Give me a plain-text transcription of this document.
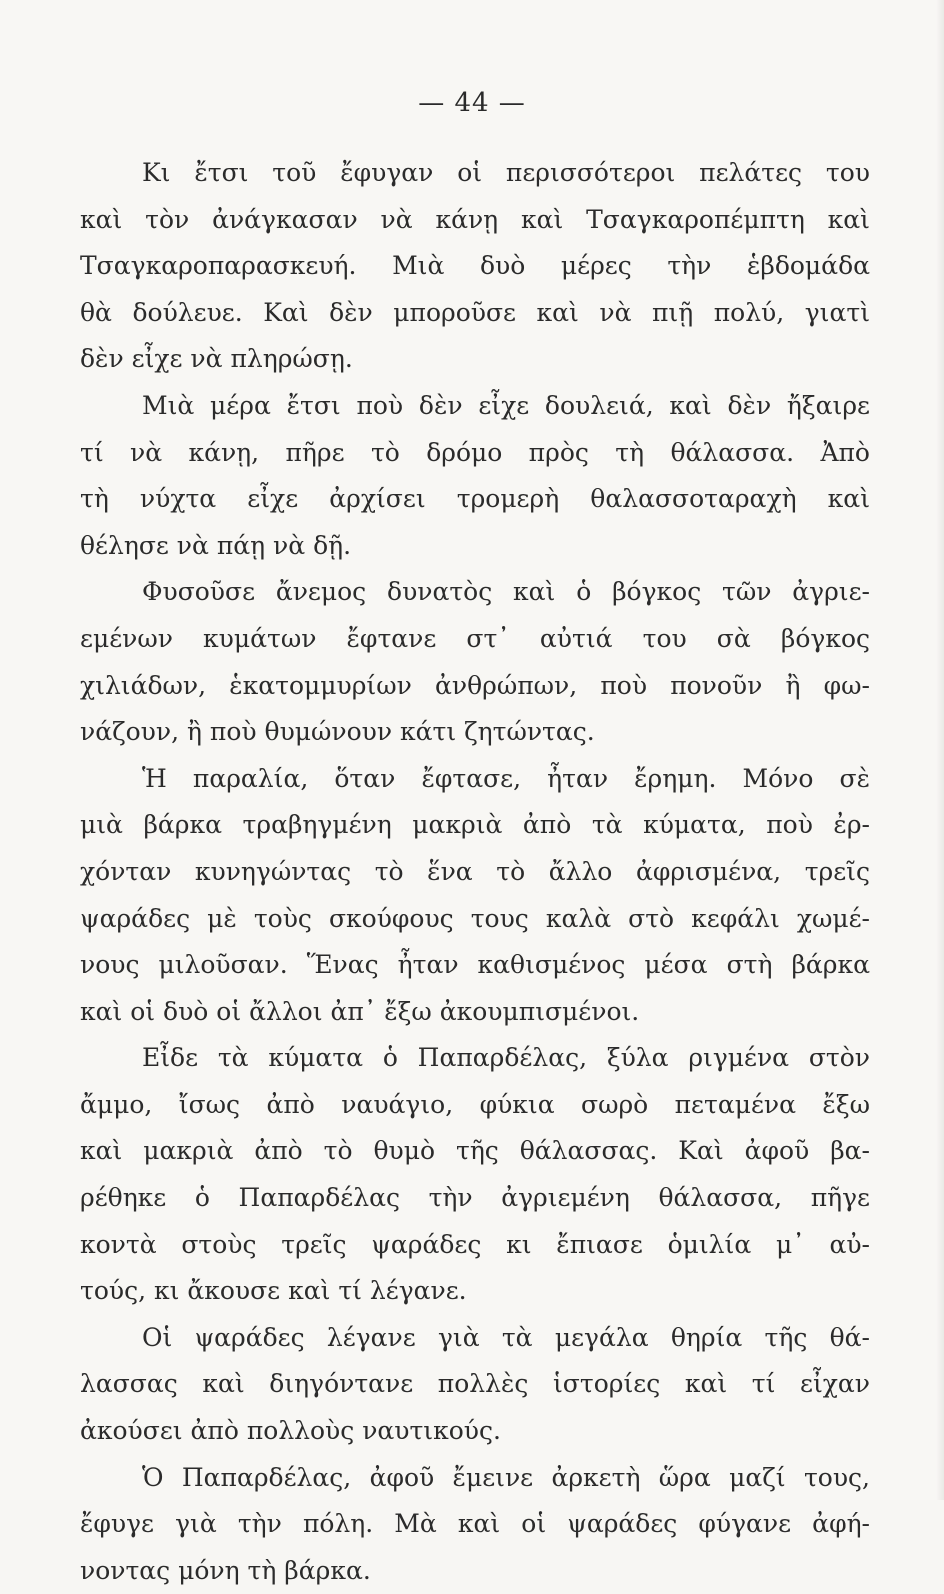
— 44 —
Κι ἔτσι τοῦ ἔφυγαν οἱ περισσότεροι πελάτες του
καὶ τὸν ἀνάγκασαν νὰ κάνῃ καὶ Τσαγκαροπέμπτη καὶ
Τσαγκαροπαρασκευή. Μιὰ δυὸ μέρες τὴν ἑβδομάδα
θὰ δούλευε. Καὶ δὲν μποροῦσε καὶ νὰ πιῇ πολύ, γιατὶ
δὲν εἶχε νὰ πληρώσῃ.
Μιὰ μέρα ἔτσι ποὺ δὲν εἶχε δουλειά, καὶ δὲν ἤξαιρε
τί νὰ κάνῃ, πῆρε τὸ δρόμο πρὸς τὴ θάλασσα. Ἀπὸ
τὴ νύχτα εἶχε ἀρχίσει τρομερὴ θαλασσοταραχὴ καὶ
θέλησε νὰ πάῃ νὰ δῇ.
Φυσοῦσε ἄνεμος δυνατὸς καὶ ὁ βόγκος τῶν ἀγριε-
εμένων κυμάτων ἔφτανε στ᾿ αὐτιά του σὰ βόγκος
χιλιάδων, ἑκατομμυρίων ἀνθρώπων, ποὺ πονοῦν ἢ φω-
νάζουν, ἢ ποὺ θυμώνουν κάτι ζητώντας.
Ἡ παραλία, ὅταν ἔφτασε, ἦταν ἔρημη. Μόνο σὲ
μιὰ βάρκα τραβηγμένη μακριὰ ἀπὸ τὰ κύματα, ποὺ ἐρ-
χόνταν κυνηγώντας τὸ ἕνα τὸ ἄλλο ἀφρισμένα, τρεῖς
ψαράδες μὲ τοὺς σκούφους τους καλὰ στὸ κεφάλι χωμέ-
νους μιλοῦσαν. Ἕνας ἦταν καθισμένος μέσα στὴ βάρκα
καὶ οἱ δυὸ οἱ ἄλλοι ἀπ᾿ ἔξω ἀκουμπισμένοι.
Εἶδε τὰ κύματα ὁ Παπαρδέλας, ξύλα ριγμένα στὸν
ἄμμο, ἴσως ἀπὸ ναυάγιο, φύκια σωρὸ πεταμένα ἔξω
καὶ μακριὰ ἀπὸ τὸ θυμὸ τῆς θάλασσας. Καὶ ἀφοῦ βα-
ρέθηκε ὁ Παπαρδέλας τὴν ἀγριεμένη θάλασσα, πῆγε
κοντὰ στοὺς τρεῖς ψαράδες κι ἔπιασε ὁμιλία μ᾿ αὐ-
τούς, κι ἄκουσε καὶ τί λέγανε.
Οἱ ψαράδες λέγανε γιὰ τὰ μεγάλα θηρία τῆς θά-
λασσας καὶ διηγόντανε πολλὲς ἱστορίες καὶ τί εἶχαν
ἀκούσει ἀπὸ πολλοὺς ναυτικούς.
Ὁ Παπαρδέλας, ἀφοῦ ἔμεινε ἀρκετὴ ὥρα μαζί τους,
ἔφυγε γιὰ τὴν πόλη. Μὰ καὶ οἱ ψαράδες φύγανε ἀφή-
νοντας μόνη τὴ βάρκα.
